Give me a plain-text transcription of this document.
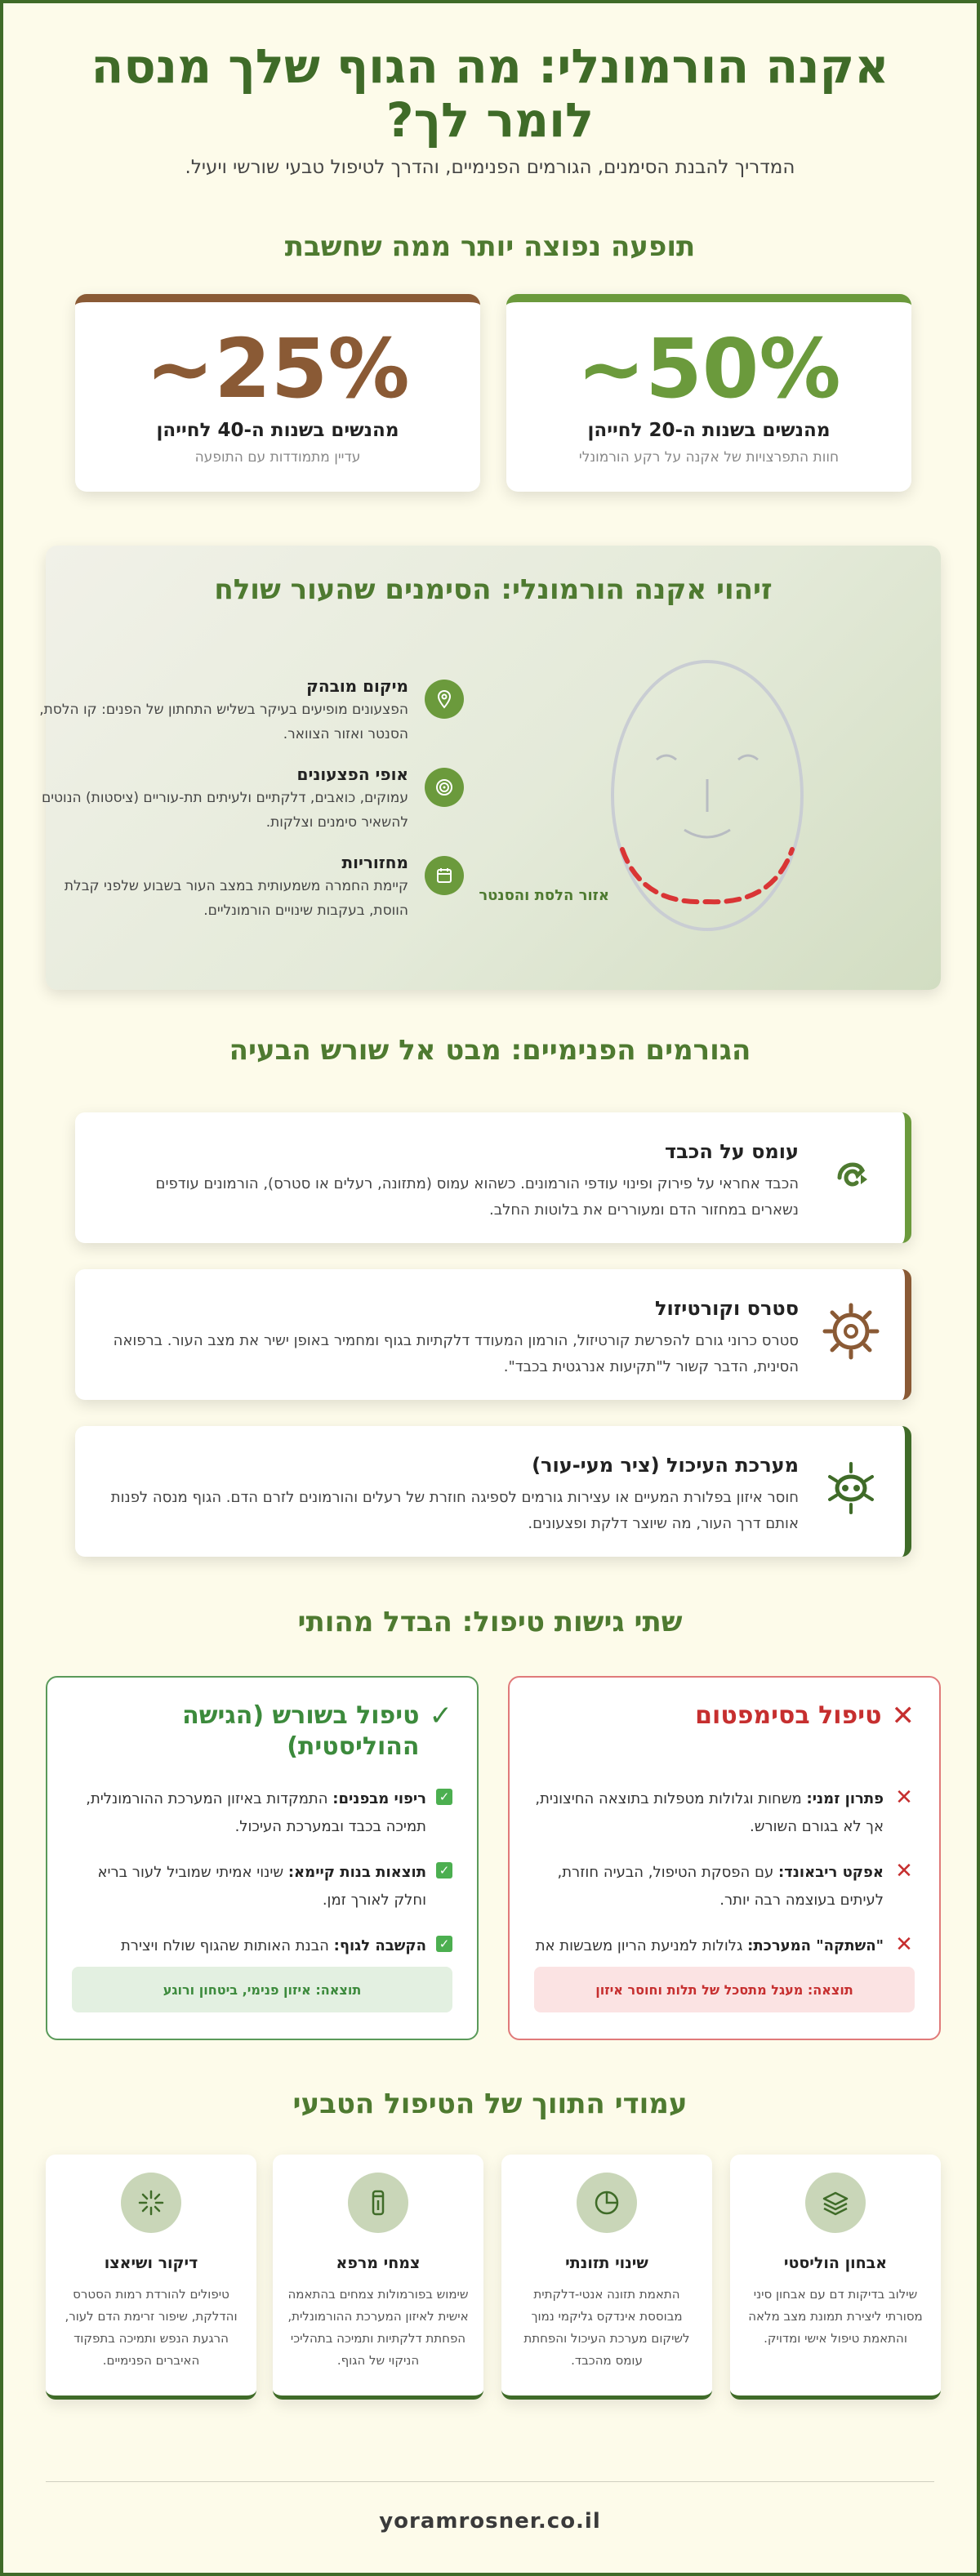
אקנה הורמונלי: מה הגוף שלך מנסה לומר לך?

המדריך להבנת הסימנים, הגורמים הפנימיים, והדרך לטיפול טבעי שורשי ויעיל.

תופעה נפוצה יותר ממה שחשבת
~50%
מהנשים בשנות ה-20 לחייהן
חוות התפרצויות של אקנה על רקע הורמונלי
~25%
מהנשים בשנות ה-40 לחייהן
עדיין מתמודדות עם התופעה
זיהוי אקנה הורמונלי: הסימנים שהעור שולח
מיקום מובהק
הפצעונים מופיעים בעיקר בשליש התחתון של הפנים: קו הלסת, הסנטר ואזור הצוואר.
אופי הפצעונים
עמוקים, כואבים, דלקתיים ולעיתים תת-עוריים (ציסטות) הנוטים להשאיר סימנים וצלקות.
מחזוריות
קיימת החמרה משמעותית במצב העור בשבוע שלפני קבלת הווסת, בעקבות שינויים הורמונליים.
אזור הלסת והסנטר
הגורמים הפנימיים: מבט אל שורש הבעיה
עומס על הכבד
הכבד אחראי על פירוק ופינוי עודפי הורמונים. כשהוא עמוס (מתזונה, רעלים או סטרס), הורמונים עודפים נשארים במחזור הדם ומעוררים את בלוטות החלב.
סטרס וקורטיזול
סטרס כרוני גורם להפרשת קורטיזול, הורמון המעודד דלקתיות בגוף ומחמיר באופן ישיר את מצב העור. ברפואה הסינית, הדבר קשור ל"תקיעות אנרגטית בכבד".
מערכת העיכול (ציר מעי-עור)
חוסר איזון בפלורת המעיים או עצירות גורמים לספיגה חוזרת של רעלים והורמונים לזרם הדם. הגוף מנסה לפנות אותם דרך העור, מה שיוצר דלקת ופצעונים.
שתי גישות טיפול: הבדל מהותי
✕
טיפול בסימפטום
✕
פתרון זמני: משחות וגלולות מטפלות בתוצאה החיצונית, אך לא בגורם השורש.
✕
אפקט ריבאונד: עם הפסקת הטיפול, הבעיה חוזרת, לעיתים בעוצמה רבה יותר.
✕
"השתקה" המערכת: גלולות למניעת הריון משבשות את
תוצאה: מעגל מתסכל של תלות וחוסר איזון
✓
טיפול בשורש (הגישה ההוליסטית)
✓
ריפוי מבפנים: התמקדות באיזון המערכת ההורמונלית, תמיכה בכבד ובמערכת העיכול.
✓
תוצאות בנות קיימא: שינוי אמיתי שמוביל לעור בריא וחלק לאורך זמן.
✓
הקשבה לגוף: הבנת האותות שהגוף שולח ויצירת
תוצאה: איזון פנימי, ביטחון ורוגע
עמודי התווך של הטיפול הטבעי
אבחון הוליסטי
שילוב בדיקות דם עם אבחון סיני מסורתי ליצירת תמונת מצב מלאה והתאמת טיפול אישי ומדויק.
שינוי תזונתי
התאמת תזונה אנטי-דלקתית מבוססת אינדקס גליקמי נמוך לשיקום מערכת העיכול והפחתת עומס מהכבד.
צמחי מרפא
שימוש בפורמולות צמחים בהתאמה אישית לאיזון המערכת ההורמונלית, הפחתת דלקתיות ותמיכה בתהליכי הניקוי של הגוף.
דיקור ושיאצו
טיפולים להורדת רמות הסטרס והדלקת, שיפור זרימת הדם לעור, הרגעת הנפש ותמיכה בתפקוד האיברים הפנימיים.
yoramrosner.co.il
